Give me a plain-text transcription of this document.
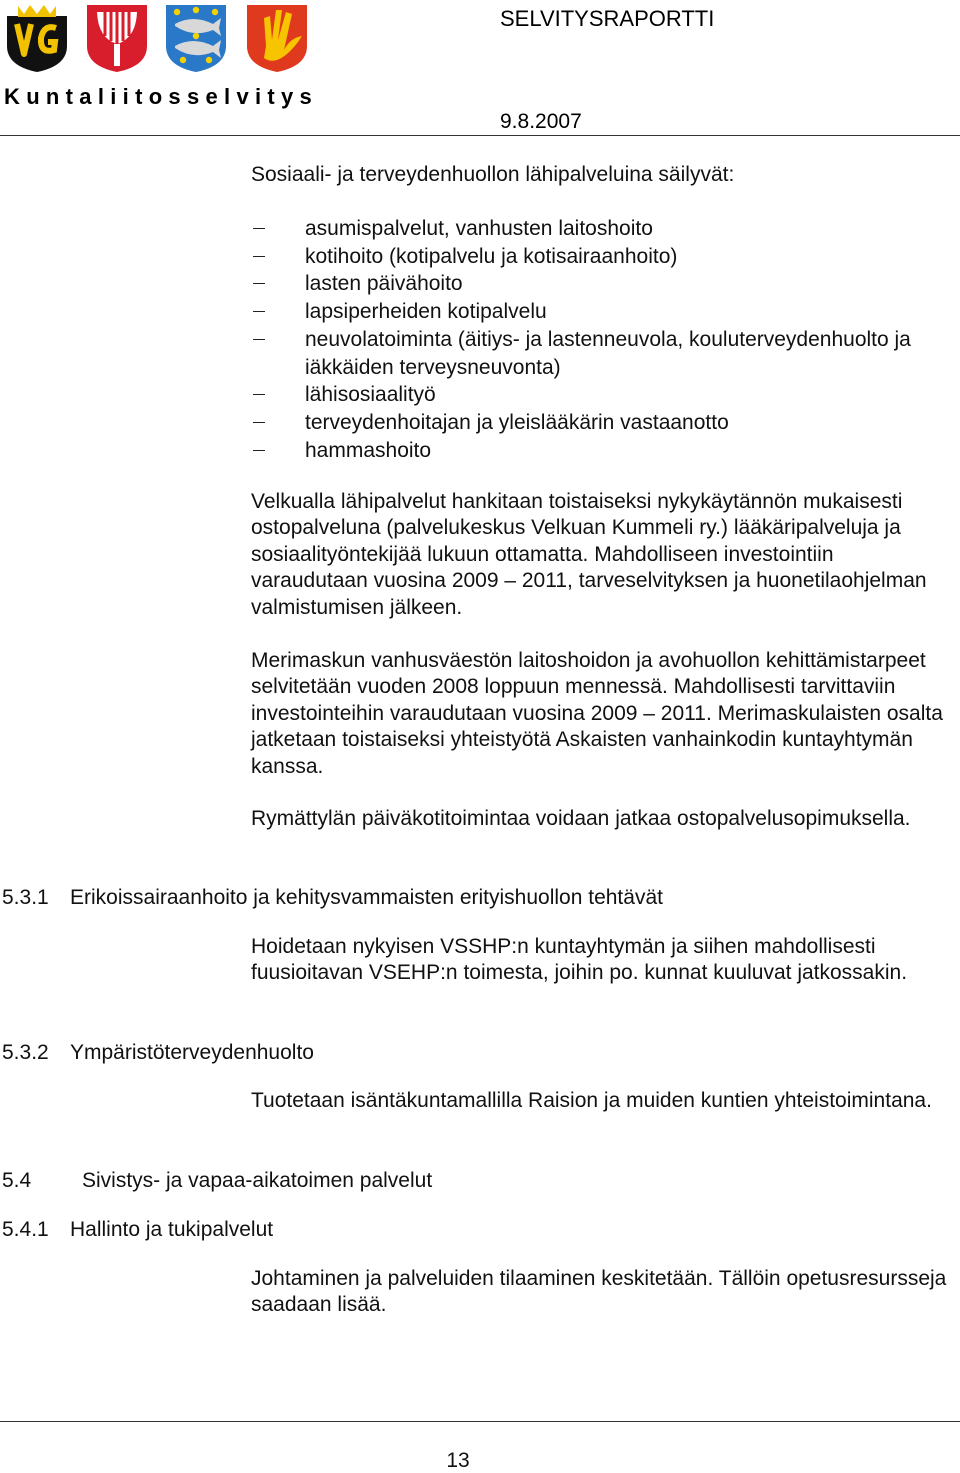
Kuntaliitosselvitys
SELVITYSRAPORTTI
9.8.2007
Sosiaali- ja terveydenhuollon lähipalveluina säilyvät:
asumispalvelut, vanhusten laitoshoito
kotihoito (kotipalvelu ja kotisairaanhoito)
lasten päivähoito
lapsiperheiden kotipalvelu
neuvolatoiminta (äitiys- ja lastenneuvola, kouluterveydenhuolto ja iäkkäiden terveysneuvonta)
lähisosiaalityö
terveydenhoitajan ja yleislääkärin vastaanotto
hammashoito
Velkualla lähipalvelut hankitaan toistaiseksi nykykäytännön mukaisesti ostopalveluna (palvelukeskus Velkuan Kummeli ry.) lääkäripalveluja ja sosiaalityöntekijää lukuun ottamatta. Mahdolliseen investointiin varaudutaan vuosina 2009 – 2011, tarveselvityksen ja huonetilaohjelman valmistumisen jälkeen.
Merimaskun vanhusväestön laitoshoidon ja avohuollon kehittämistarpeet selvitetään vuoden 2008 loppuun mennessä. Mahdollisesti tarvittaviin investointeihin varaudutaan vuosina 2009 – 2011. Merimaskulaisten osalta jatketaan toistaiseksi yhteistyötä Askaisten vanhainkodin kuntayhtymän kanssa.
Rymättylän päiväkotitoimintaa voidaan jatkaa ostopalvelusopimuksella.
5.3.1 Erikoissairaanhoito ja kehitysvammaisten erityishuollon tehtävät
Hoidetaan nykyisen VSSHP:n kuntayhtymän ja siihen mahdollisesti fuusioitavan VSEHP:n toimesta, joihin po. kunnat kuuluvat jatkossakin.
5.3.2 Ympäristöterveydenhuolto
Tuotetaan isäntäkuntamallilla Raision ja muiden kuntien yhteistoimintana.
5.4 Sivistys- ja vapaa-aikatoimen palvelut
5.4.1 Hallinto ja tukipalvelut
Johtaminen ja palveluiden tilaaminen keskitetään. Tällöin opetusresursseja saadaan lisää.
13
